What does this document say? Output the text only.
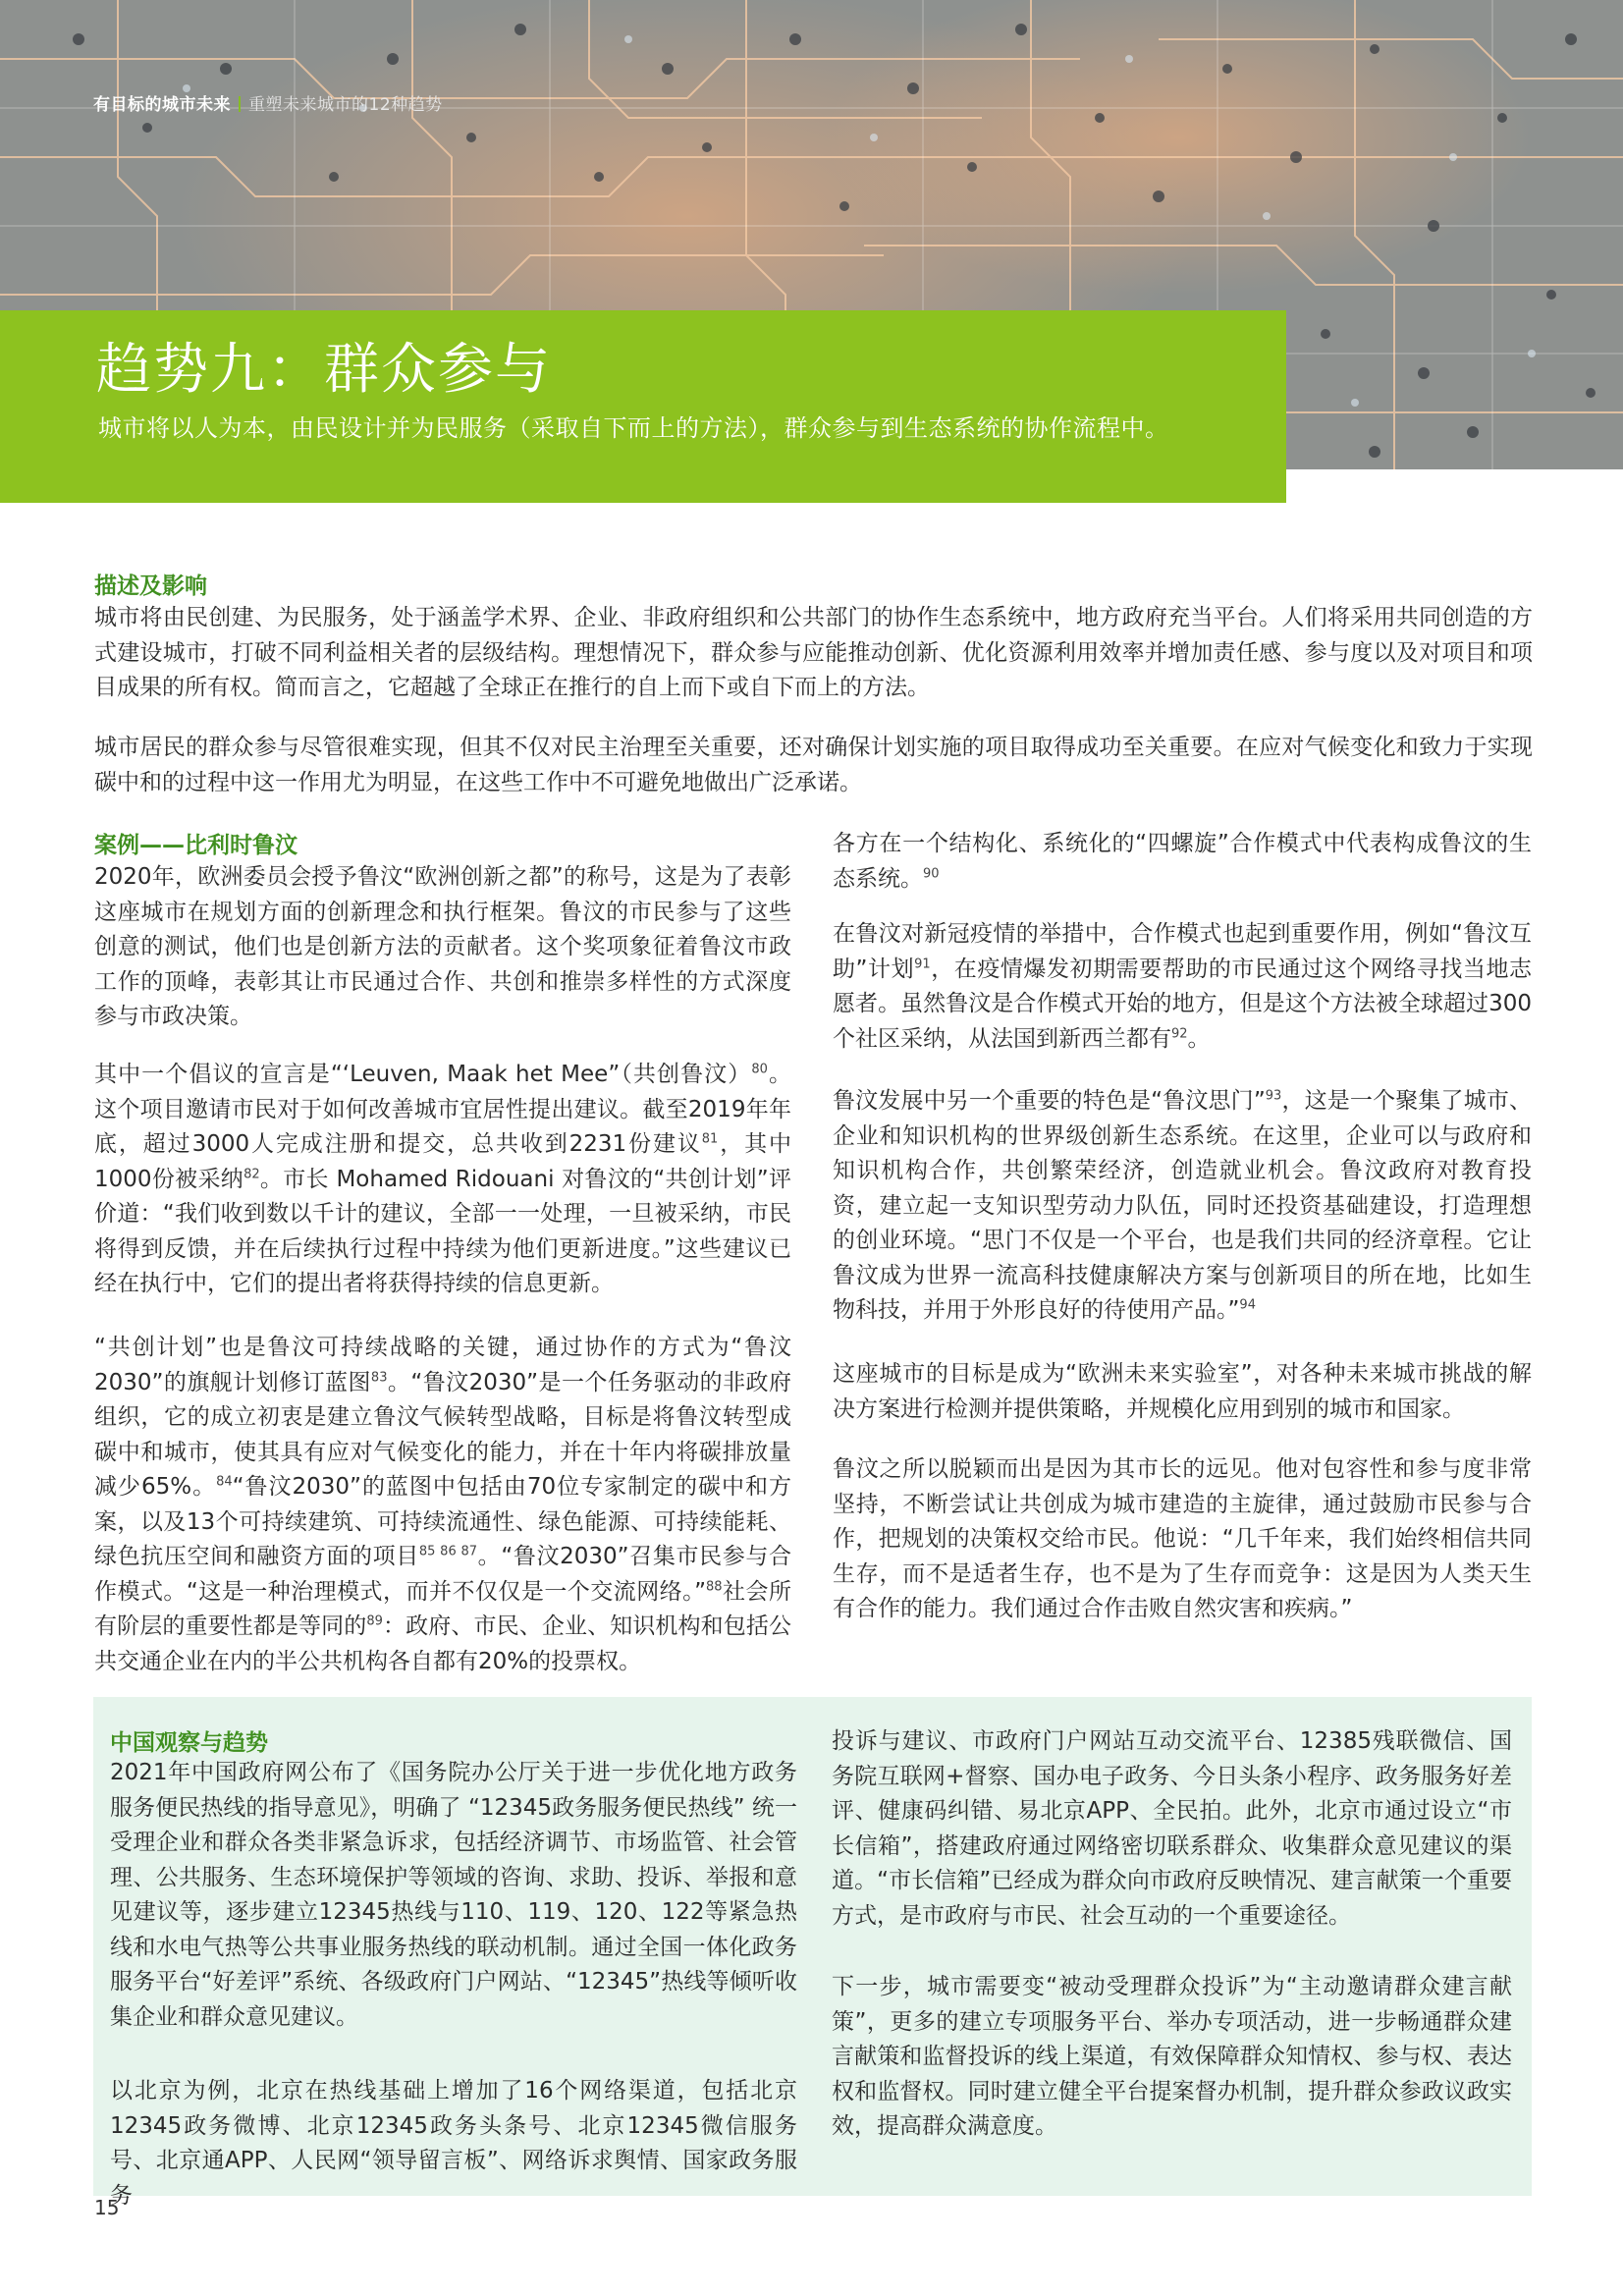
有目标的城市未来 重塑未来城市的12种趋势
趋势九：群众参与

城市将以人为本，由民设计并为民服务（采取自下而上的方法），群众参与到生态系统的协作流程中。

描述及影响

城市将由民创建、为民服务，处于涵盖学术界、企业、非政府组织和公共部门的协作生态系统中，地方政府充当平台。人们将采用共同创造的方式建设城市，打破不同利益相关者的层级结构。理想情况下，群众参与应能推动创新、优化资源利用效率并增加责任感、参与度以及对项目和项目成果的所有权。简而言之，它超越了全球正在推行的自上而下或自下而上的方法。

城市居民的群众参与尽管很难实现，但其不仅对民主治理至关重要，还对确保计划实施的项目取得成功至关重要。在应对气候变化和致力于实现碳中和的过程中这一作用尤为明显，在这些工作中不可避免地做出广泛承诺。

案例——比利时鲁汶

2020年，欧洲委员会授予鲁汶“欧洲创新之都”的称号，这是为了表彰这座城市在规划方面的创新理念和执行框架。鲁汶的市民参与了这些创意的测试，他们也是创新方法的贡献者。这个奖项象征着鲁汶市政工作的顶峰，表彰其让市民通过合作、共创和推崇多样性的方式深度参与市政决策。

其中一个倡议的宣言是“‘Leuven, Maak het Mee”（共创鲁汶）$^{80}$。这个项目邀请市民对于如何改善城市宜居性提出建议。截至2019年年底，超过3000人完成注册和提交，总共收到2231份建议$^{81}$，其中1000份被采纳$^{82}$。市长 Mohamed Ridouani 对鲁汶的“共创计划”评价道：“我们收到数以千计的建议，全部一一处理，一旦被采纳，市民将得到反馈，并在后续执行过程中持续为他们更新进度。”这些建议已经在执行中，它们的提出者将获得持续的信息更新。

“共创计划”也是鲁汶可持续战略的关键，通过协作的方式为“鲁汶2030”的旗舰计划修订蓝图$^{83}$。“鲁汶2030”是一个任务驱动的非政府组织，它的成立初衷是建立鲁汶气候转型战略，目标是将鲁汶转型成碳中和城市，使其具有应对气候变化的能力，并在十年内将碳排放量减少65%。$^{84}$“鲁汶2030”的蓝图中包括由70位专家制定的碳中和方案，以及13个可持续建筑、可持续流通性、绿色能源、可持续能耗、绿色抗压空间和融资方面的项目$^{85 86 87}$。“鲁汶2030”召集市民参与合作模式。“这是一种治理模式，而并不仅仅是一个交流网络。”$^{88}$社会所有阶层的重要性都是等同的$^{89}$：政府、市民、企业、知识机构和包括公共交通企业在内的半公共机构各自都有20%的投票权。

各方在一个结构化、系统化的“四螺旋”合作模式中代表构成鲁汶的生态系统。$^{90}$

在鲁汶对新冠疫情的举措中，合作模式也起到重要作用，例如“鲁汶互助”计划$^{91}$，在疫情爆发初期需要帮助的市民通过这个网络寻找当地志愿者。虽然鲁汶是合作模式开始的地方，但是这个方法被全球超过300个社区采纳，从法国到新西兰都有$^{92}$。

鲁汶发展中另一个重要的特色是“鲁汶思门”$^{93}$，这是一个聚集了城市、企业和知识机构的世界级创新生态系统。在这里，企业可以与政府和知识机构合作，共创繁荣经济，创造就业机会。鲁汶政府对教育投资，建立起一支知识型劳动力队伍，同时还投资基础建设，打造理想的创业环境。“思门不仅是一个平台，也是我们共同的经济章程。它让鲁汶成为世界一流高科技健康解决方案与创新项目的所在地，比如生物科技，并用于外形良好的待使用产品。”$^{94}$

这座城市的目标是成为“欧洲未来实验室”，对各种未来城市挑战的解决方案进行检测并提供策略，并规模化应用到别的城市和国家。

鲁汶之所以脱颖而出是因为其市长的远见。他对包容性和参与度非常坚持，不断尝试让共创成为城市建造的主旋律，通过鼓励市民参与合作，把规划的决策权交给市民。他说：“几千年来，我们始终相信共同生存，而不是适者生存，也不是为了生存而竞争：这是因为人类天生有合作的能力。我们通过合作击败自然灾害和疾病。”

中国观察与趋势

2021年中国政府网公布了《国务院办公厅关于进一步优化地方政务服务便民热线的指导意见》，明确了 “12345政务服务便民热线” 统一受理企业和群众各类非紧急诉求，包括经济调节、市场监管、社会管理、公共服务、生态环境保护等领域的咨询、求助、投诉、举报和意见建议等，逐步建立12345热线与110、119、120、122等紧急热线和水电气热等公共事业服务热线的联动机制。通过全国一体化政务服务平台“好差评”系统、各级政府门户网站、“12345”热线等倾听收集企业和群众意见建议。

以北京为例，北京在热线基础上增加了16个网络渠道，包括北京12345政务微博、北京12345政务头条号、北京12345微信服务号、北京通APP、人民网“领导留言板”、网络诉求舆情、国家政务服务

投诉与建议、市政府门户网站互动交流平台、12385残联微信、国务院互联网+督察、国办电子政务、今日头条小程序、政务服务好差评、健康码纠错、易北京APP、全民拍。此外，北京市通过设立“市长信箱”，搭建政府通过网络密切联系群众、收集群众意见建议的渠道。“市长信箱”已经成为群众向市政府反映情况、建言献策一个重要方式，是市政府与市民、社会互动的一个重要途径。

下一步，城市需要变“被动受理群众投诉”为“主动邀请群众建言献策”，更多的建立专项服务平台、举办专项活动，进一步畅通群众建言献策和监督投诉的线上渠道，有效保障群众知情权、参与权、表达权和监督权。同时建立健全平台提案督办机制，提升群众参政议政实效，提高群众满意度。

15
